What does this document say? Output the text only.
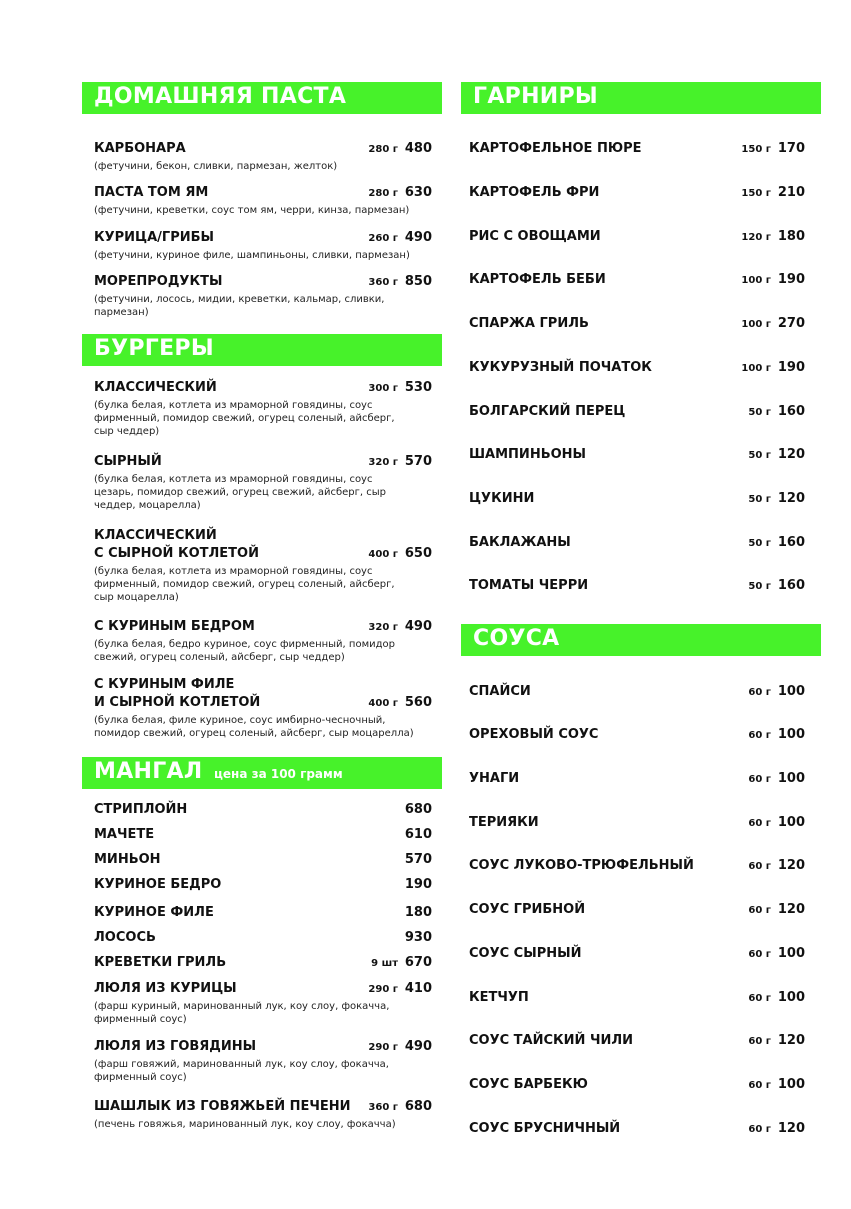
ДОМАШНЯЯ ПАСТА
КАРБОНАРА	280 г 480
(фетучини, бекон, сливки, пармезан, желток)
ПАСТА ТОМ ЯМ	280 г 630
(фетучини, креветки, соус том ям, черри, кинза, пармезан)
КУРИЦА/ГРИБЫ	260 г 490
(фетучини, куриное филе, шампиньоны, сливки, пармезан)
МОРЕПРОДУКТЫ	360 г 850
(фетучини, лосось, мидии, креветки, кальмар, сливки, пармезан)
БУРГЕРЫ
КЛАССИЧЕСКИЙ	300 г 530
(булка белая, котлета из мраморной говядины, соус фирменный, помидор свежий, огурец соленый, айсберг, сыр чеддер)
СЫРНЫЙ	320 г 570
(булка белая, котлета из мраморной говядины, соус цезарь, помидор свежий, огурец свежий, айсберг, сыр чеддер, моцарелла)
КЛАССИЧЕСКИЙ
С СЫРНОЙ КОТЛЕТОЙ	400 г 650
(булка белая, котлета из мраморной говядины, соус фирменный, помидор свежий, огурец соленый, айсберг, сыр моцарелла)
С КУРИНЫМ БЕДРОМ	320 г 490
(булка белая, бедро куриное, соус фирменный, помидор свежий, огурец соленый, айсберг, сыр чеддер)
С КУРИНЫМ ФИЛЕ
И СЫРНОЙ КОТЛЕТОЙ	400 г 560
(булка белая, филе куриное, соус имбирно-чесночный, помидор свежий, огурец соленый, айсберг, сыр моцарелла)
МАНГАЛ цена за 100 грамм
СТРИПЛОЙН	680
МАЧЕТЕ	610
МИНЬОН	570
КУРИНОЕ БЕДРО	190
КУРИНОЕ ФИЛЕ	180
ЛОСОСЬ	930
КРЕВЕТКИ ГРИЛЬ	9 шт 670
ЛЮЛЯ ИЗ КУРИЦЫ	290 г 410
(фарш куриный, маринованный лук, коу слоу, фокачча, фирменный соус)
ЛЮЛЯ ИЗ ГОВЯДИНЫ	290 г 490
(фарш говяжий, маринованный лук, коу слоу, фокачча, фирменный соус)
ШАШЛЫК ИЗ ГОВЯЖЬЕЙ ПЕЧЕНИ	360 г 680
(печень говяжья, маринованный лук, коу слоу, фокачча)
ГАРНИРЫ
КАРТОФЕЛЬНОЕ ПЮРЕ	150 г 170
КАРТОФЕЛЬ ФРИ	150 г 210
РИС С ОВОЩАМИ	120 г 180
КАРТОФЕЛЬ БЕБИ	100 г 190
СПАРЖА ГРИЛЬ	100 г 270
КУКУРУЗНЫЙ ПОЧАТОК	100 г 190
БОЛГАРСКИЙ ПЕРЕЦ	50 г 160
ШАМПИНЬОНЫ	50 г 120
ЦУКИНИ	50 г 120
БАКЛАЖАНЫ	50 г 160
ТОМАТЫ ЧЕРРИ	50 г 160
СОУСА
СПАЙСИ	60 г 100
ОРЕХОВЫЙ СОУС	60 г 100
УНАГИ	60 г 100
ТЕРИЯКИ	60 г 100
СОУС ЛУКОВО-ТРЮФЕЛЬНЫЙ	60 г 120
СОУС ГРИБНОЙ	60 г 120
СОУС СЫРНЫЙ	60 г 100
КЕТЧУП	60 г 100
СОУС ТАЙСКИЙ ЧИЛИ	60 г 120
СОУС БАРБЕКЮ	60 г 100
СОУС БРУСНИЧНЫЙ	60 г 120
